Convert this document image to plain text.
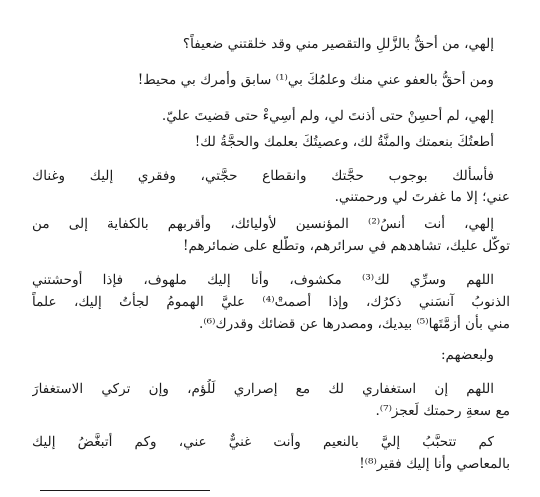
إلهي، من أحقُّ بالزَّللِ والتقصير مني وقد خلقتني ضعيفاً؟
ومن أحقُّ بالعفو عني منك وعلمُكَ بي⁽¹⁾ سابق وأمرك بي محيط!
إلهي، لم أُحسِنْ حتى أذنتَ لي، ولم أُسِيءْ حتى قضيتَ عليّ.
أطعتُكَ بنعمتك والمنَّةُ لك، وعصيتُكَ بعلمك والحجَّةُ لك!
فأسألك بوجوب حجَّتك وانقطاع حجَّتي، وفقري إليك وغناك
عني؛ إلا ما غفرتَ لي ورحمتني.
إلهي، أنت أُنسُ⁽²⁾ المؤنسين لأوليائك، وأقربهم بالكفاية إلى من
توكَّل عليك، تشاهدهم في سرائرهم، وتطَّلع على ضمائرهم!
اللهم وسرِّي لك⁽³⁾ مكشوف، وأنا إليك ملهوف، فإذا أوحشتني
الذنوبُ آنسَني ذكرُك، وإذا أصمتْ⁽⁴⁾ عليَّ الهمومُ لجأتُ إليك، علماً
مني بأن أزمَّتَها⁽⁵⁾ بيديك، ومصدرها عن قضائك وقدرك⁽⁶⁾.
ولبعضهم:
اللهم إن استغفاري لك مع إصراري لَلُؤم، وإن تركي الاستغفارَ
مع سعةِ رحمتك لَعجز⁽⁷⁾.
كم تتحبَّبُ إليَّ بالنعيم وأنت غنيٌّ عني، وكم أتبغَّضُ إليك
بالمعاصي وأنا إليك فقير⁽⁸⁾!
